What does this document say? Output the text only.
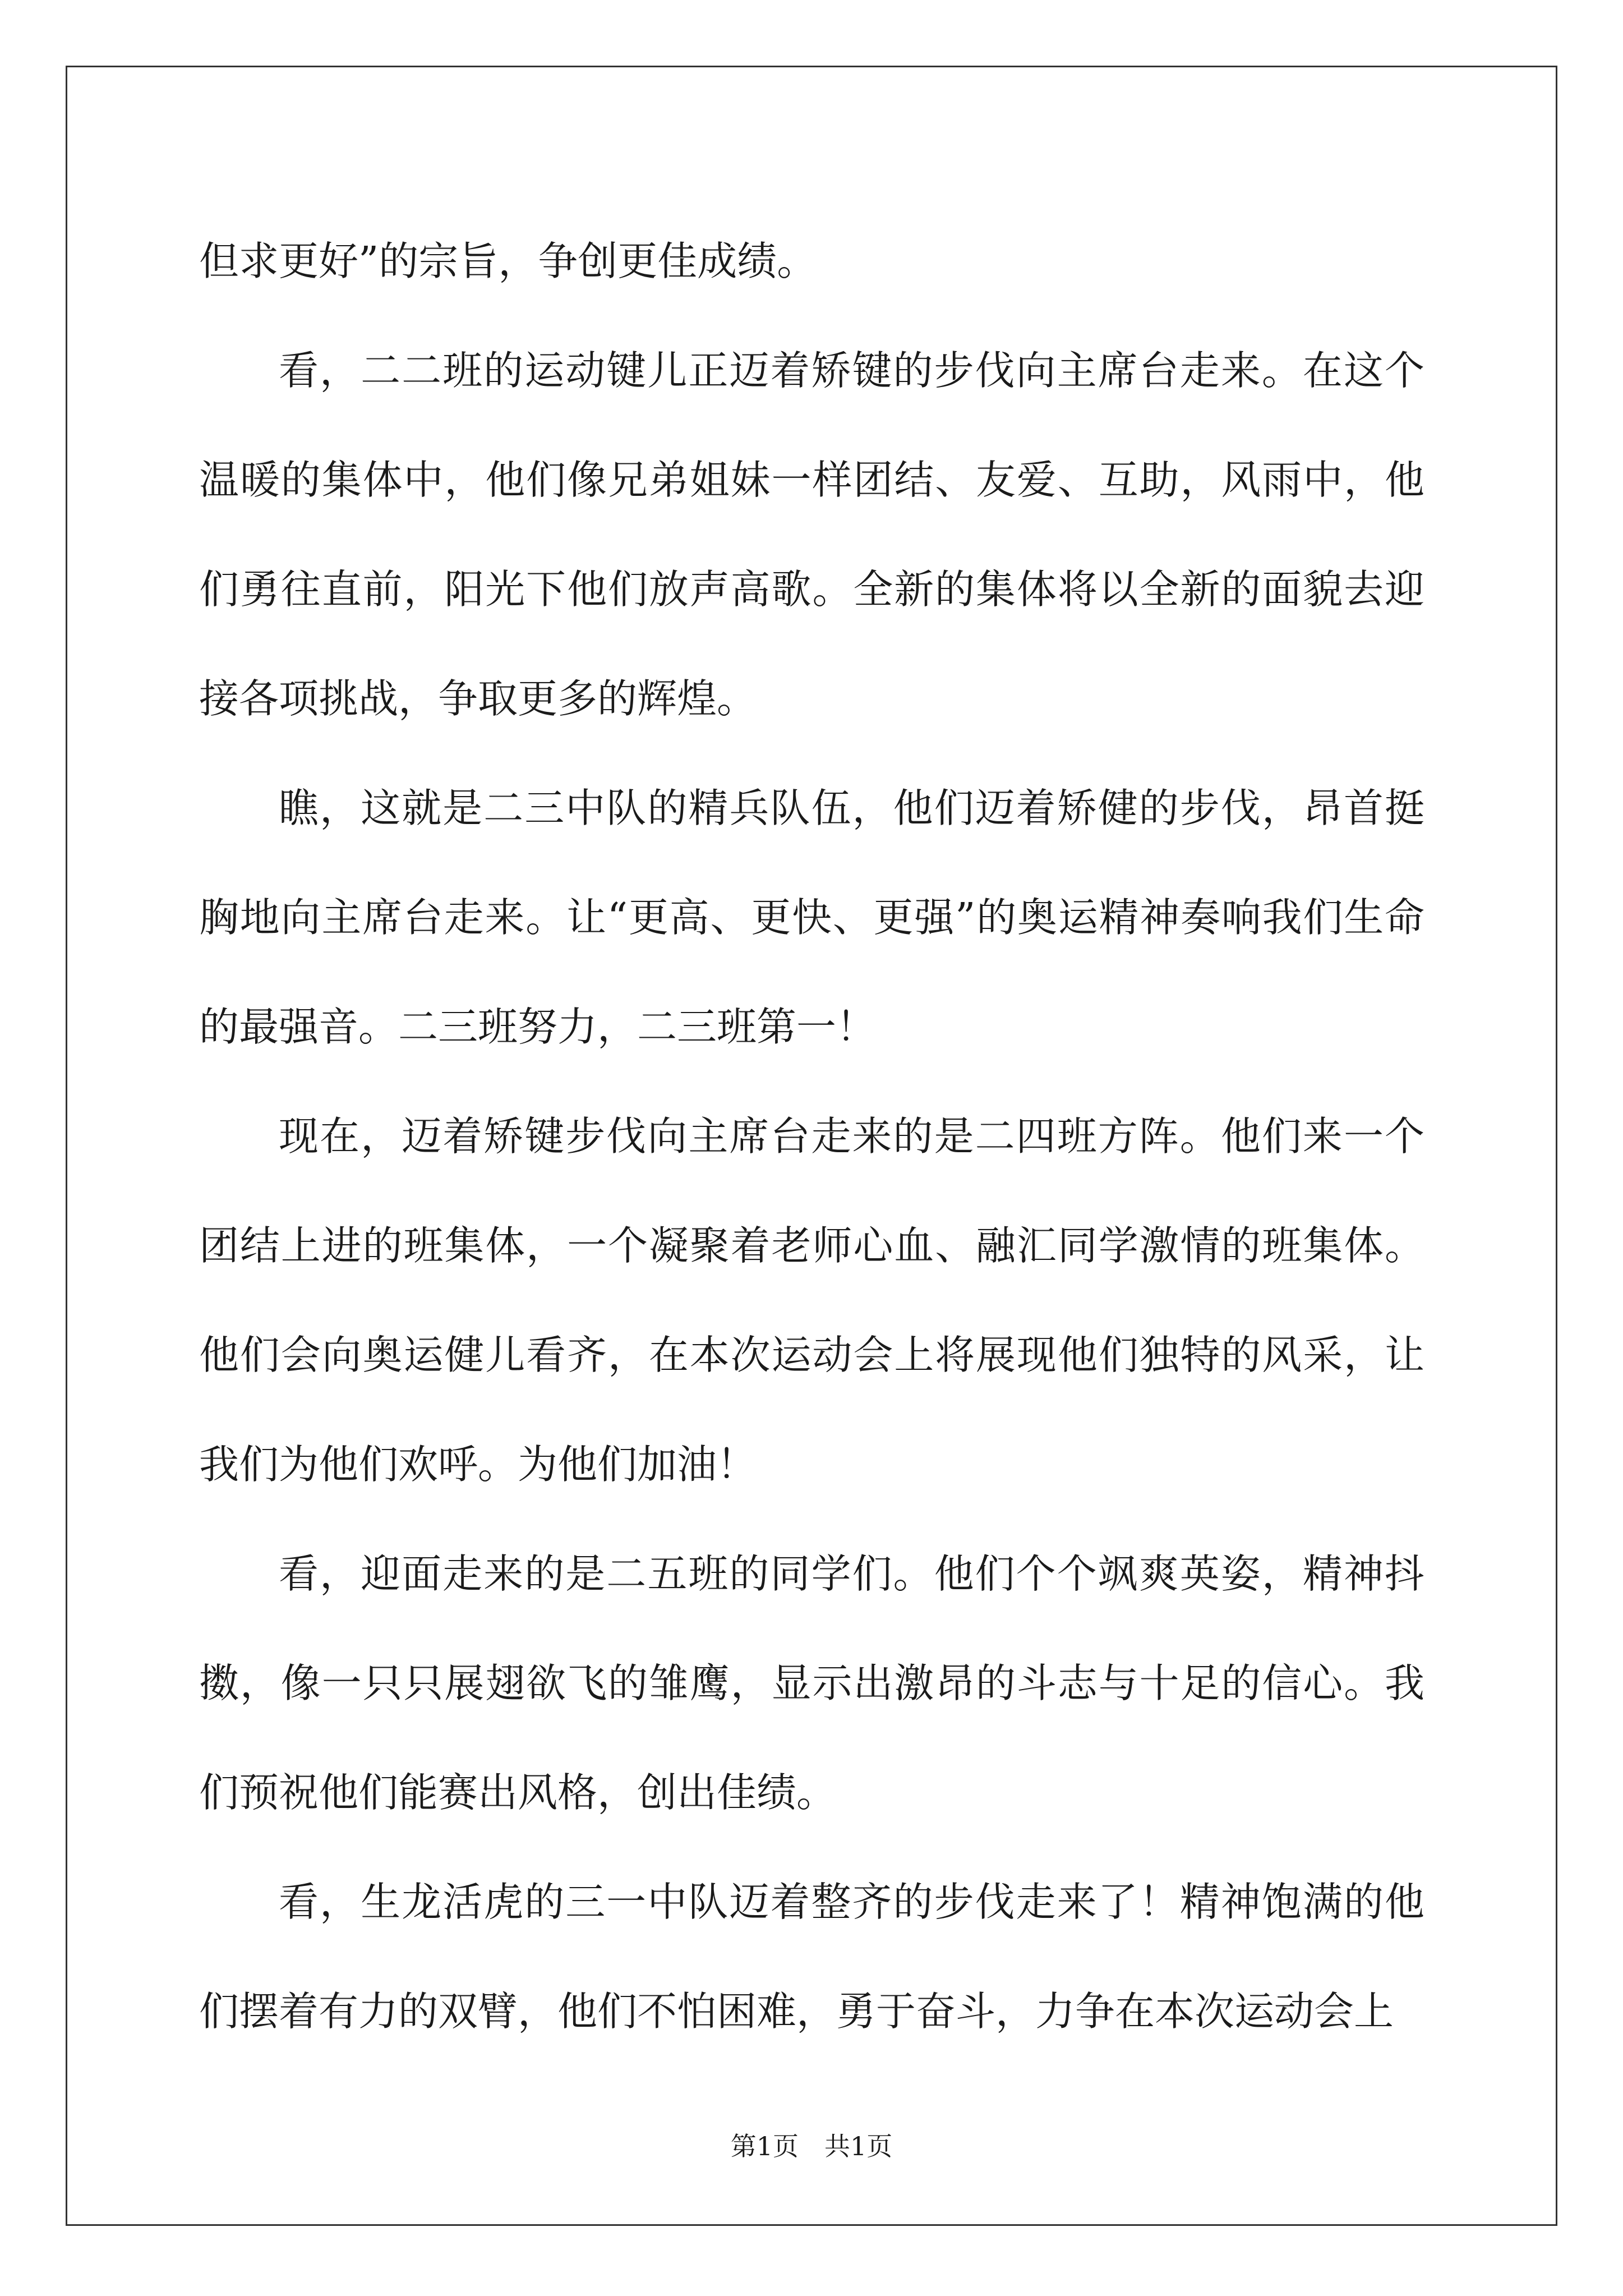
但求更好”的宗旨，争创更佳成绩。

看，二二班的运动键儿正迈着矫键的步伐向主席台走来。在这个温暖的集体中，他们像兄弟姐妹一样团结、友爱、互助，风雨中，他们勇往直前，阳光下他们放声高歌。全新的集体将以全新的面貌去迎接各项挑战，争取更多的辉煌。

瞧，这就是二三中队的精兵队伍，他们迈着矫健的步伐，昂首挺胸地向主席台走来。让“更高、更快、更强”的奥运精神奏响我们生命的最强音。二三班努力，二三班第一！

现在，迈着矫键步伐向主席台走来的是二四班方阵。他们来一个团结上进的班集体，一个凝聚着老师心血、融汇同学激情的班集体。他们会向奥运健儿看齐，在本次运动会上将展现他们独特的风采，让我们为他们欢呼。为他们加油！

看，迎面走来的是二五班的同学们。他们个个飒爽英姿，精神抖擞，像一只只展翅欲飞的雏鹰，显示出激昂的斗志与十足的信心。我们预祝他们能赛出风格，创出佳绩。

看，生龙活虎的三一中队迈着整齐的步伐走来了！精神饱满的他们摆着有力的双臂，他们不怕困难，勇于奋斗，力争在本次运动会上

第1页 共1页
